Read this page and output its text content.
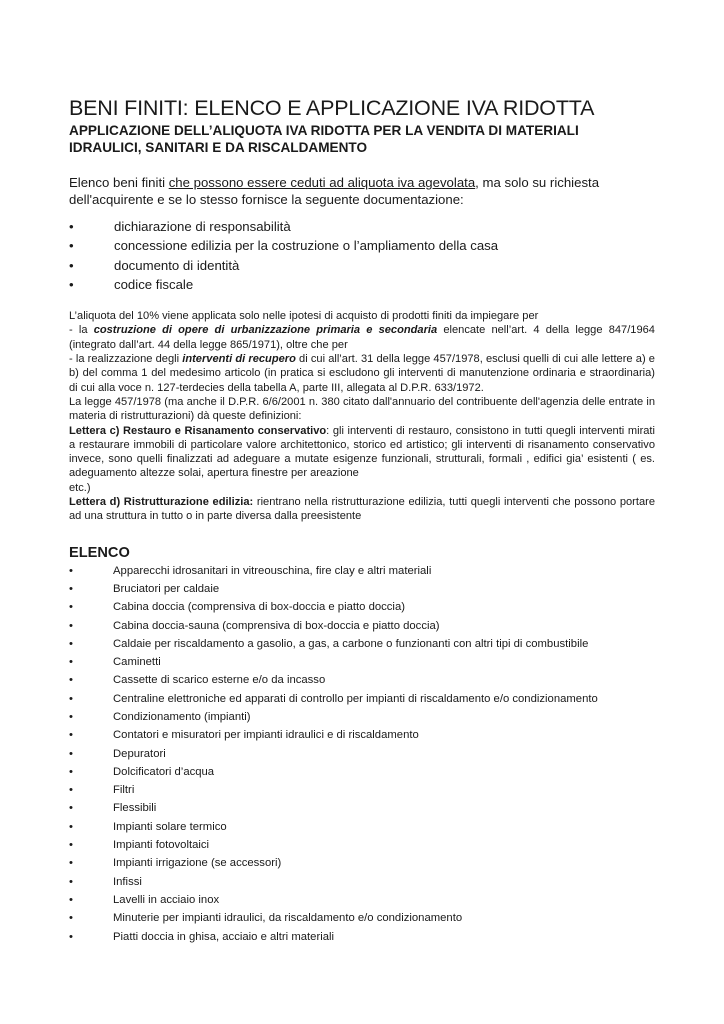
BENI FINITI: ELENCO E APPLICAZIONE IVA RIDOTTA
APPLICAZIONE DELL’ALIQUOTA IVA RIDOTTA PER LA VENDITA DI MATERIALI IDRAULICI, SANITARI E DA RISCALDAMENTO

Elenco beni finiti che possono essere ceduti ad aliquota iva agevolata, ma solo su richiesta dell'acquirente e se lo stesso fornisce la seguente documentazione:

•	dichiarazione di responsabilità
•	concessione edilizia per la costruzione o l’ampliamento della casa
•	documento di identità
•	codice fiscale

L’aliquota del 10% viene applicata solo nelle ipotesi di acquisto di prodotti finiti da impiegare per

- la costruzione di opere di urbanizzazione primaria e secondaria elencate nell’art. 4 della legge 847/1964 (integrato dall’art. 44 della legge 865/1971), oltre che per

- la realizzazione degli interventi di recupero di cui all’art. 31 della legge 457/1978, esclusi quelli di cui alle lettere a) e b) del comma 1 del medesimo articolo (in pratica si escludono gli interventi di manutenzione ordinaria e straordinaria) di cui alla voce n. 127-terdecies della tabella A, parte III, allegata al D.P.R. 633/1972.

La legge 457/1978 (ma anche il D.P.R. 6/6/2001 n. 380 citato dall'annuario del contribuente dell'agenzia delle entrate in materia di ristrutturazioni) dà queste definizioni:

Lettera c) Restauro e Risanamento conservativo: gli interventi di restauro, consistono in tutti quegli interventi mirati a restaurare immobili di particolare valore architettonico, storico ed artistico; gli interventi di risanamento conservativo invece, sono quelli finalizzati ad adeguare a mutate esigenze funzionali, strutturali, formali , edifici gia’ esistenti ( es. adeguamento altezze solai, apertura finestre per areazione

etc.)

Lettera d) Ristrutturazione edilizia: rientrano nella ristrutturazione edilizia, tutti quegli interventi che possono portare ad una struttura in tutto o in parte diversa dalla preesistente

ELENCO
•	Apparecchi idrosanitari in vitreouschina, fire clay e altri materiali
•	Bruciatori per caldaie
•	Cabina doccia (comprensiva di box-doccia e piatto doccia)
•	Cabina doccia-sauna (comprensiva di box-doccia e piatto doccia)
•	Caldaie per riscaldamento a gasolio, a gas, a carbone o funzionanti con altri tipi di combustibile
•	Caminetti
•	Cassette di scarico esterne e/o da incasso
•	Centraline elettroniche ed apparati di controllo per impianti di riscaldamento e/o condizionamento
•	Condizionamento (impianti)
•	Contatori e misuratori per impianti idraulici e di riscaldamento
•	Depuratori
•	Dolcificatori d’acqua
•	Filtri
•	Flessibili
•	Impianti solare termico
•	Impianti fotovoltaici
•	Impianti irrigazione (se accessori)
•	Infissi
•	Lavelli in acciaio inox
•	Minuterie per impianti idraulici, da riscaldamento e/o condizionamento
•	Piatti doccia in ghisa, acciaio e altri materiali
